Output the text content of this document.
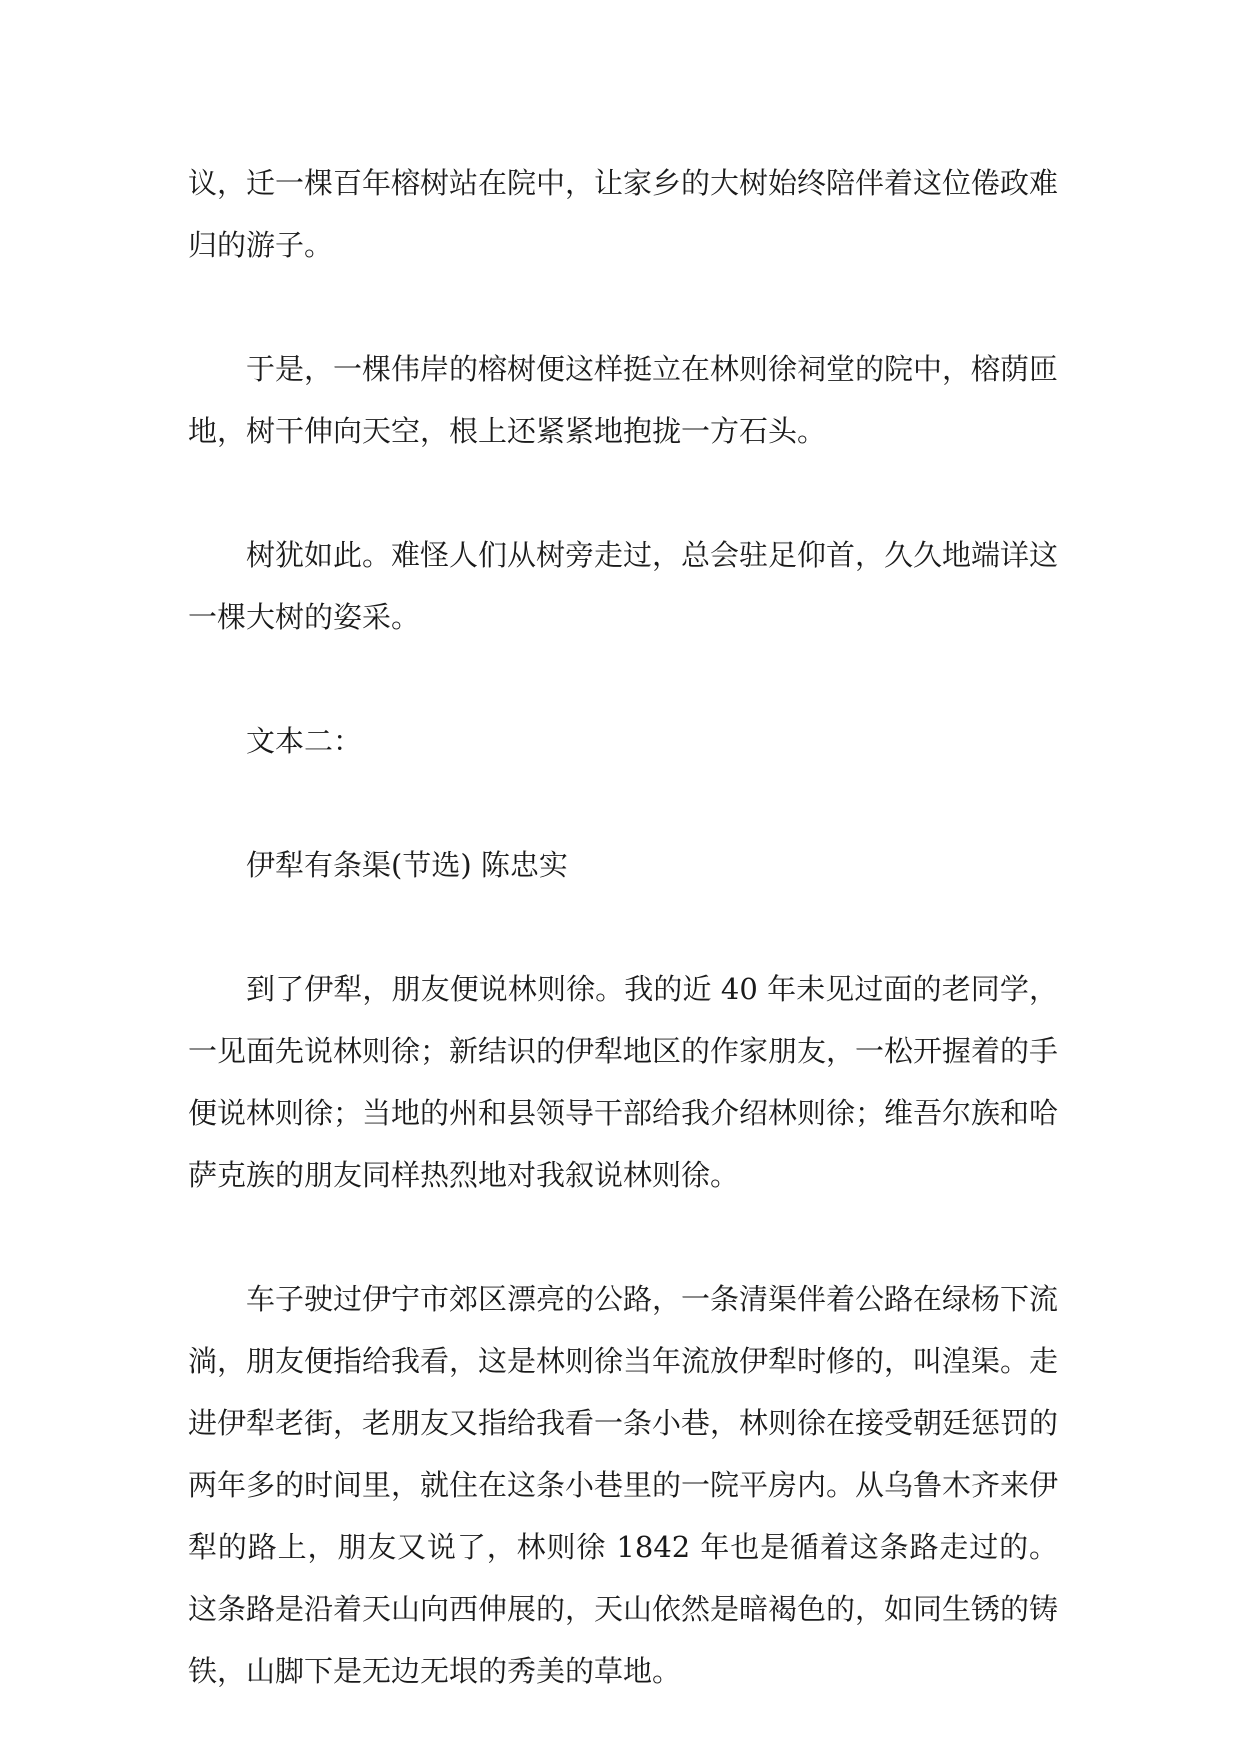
议，迁一棵百年榕树站在院中，让家乡的大树始终陪伴着这位倦政难归的游子。

于是，一棵伟岸的榕树便这样挺立在林则徐祠堂的院中，榕荫匝地，树干伸向天空，根上还紧紧地抱拢一方石头。

树犹如此。难怪人们从树旁走过，总会驻足仰首，久久地端详这一棵大树的姿采。

文本二：

伊犁有条渠(节选) 陈忠实

到了伊犁，朋友便说林则徐。我的近 40 年未见过面的老同学，一见面先说林则徐；新结识的伊犁地区的作家朋友，一松开握着的手便说林则徐；当地的州和县领导干部给我介绍林则徐；维吾尔族和哈萨克族的朋友同样热烈地对我叙说林则徐。

车子驶过伊宁市郊区漂亮的公路，一条清渠伴着公路在绿杨下流淌，朋友便指给我看，这是林则徐当年流放伊犁时修的，叫湟渠。走进伊犁老街，老朋友又指给我看一条小巷，林则徐在接受朝廷惩罚的两年多的时间里，就住在这条小巷里的一院平房内。从乌鲁木齐来伊犁的路上，朋友又说了，林则徐 1842 年也是循着这条路走过的。这条路是沿着天山向西伸展的，天山依然是暗褐色的，如同生锈的铸铁，山脚下是无边无垠的秀美的草地。
